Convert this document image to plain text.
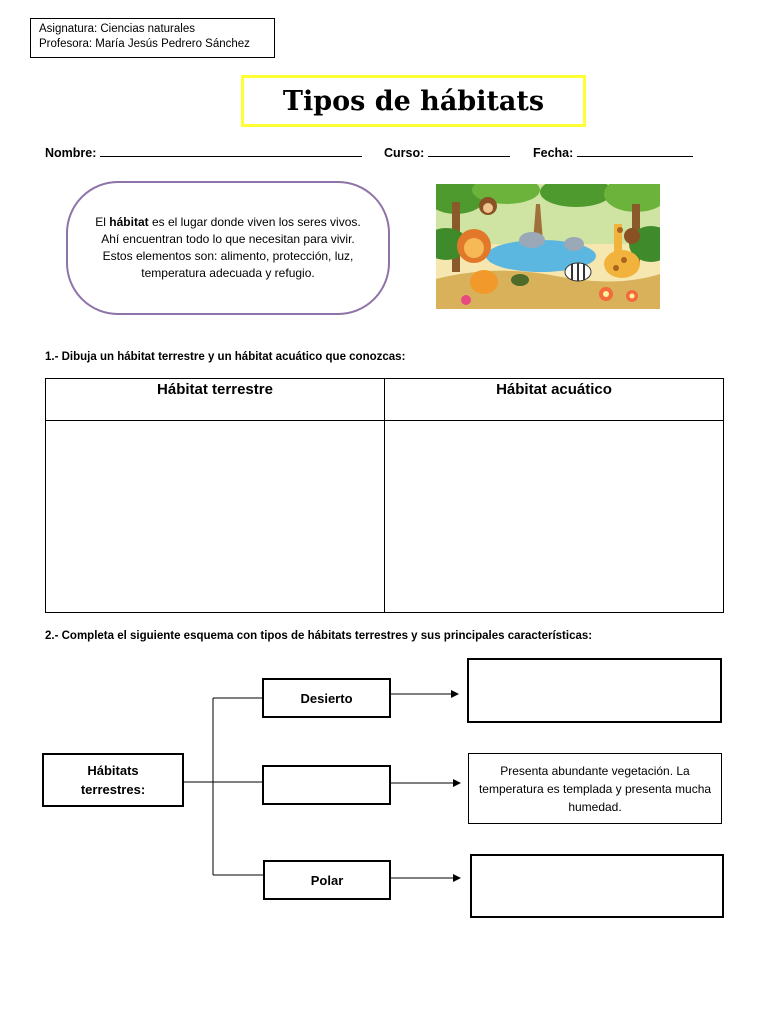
Asignatura: Ciencias naturales
Profesora: María Jesús Pedrero Sánchez
Tipos de hábitats
Nombre:	Curso:	Fecha:
El hábitat es el lugar donde viven los seres vivos. Ahí encuentran todo lo que necesitan para vivir. Estos elementos son: alimento, protección, luz, temperatura adecuada y refugio.
1.- Dibuja un hábitat terrestre y un hábitat acuático que conozcas:
Hábitat terrestre	Hábitat acuático

2.- Completa el siguiente esquema con tipos de hábitats terrestres y sus principales características:
Hábitats
terrestres:
Desierto
Polar
Presenta abundante vegetación. La temperatura es templada y presenta mucha humedad.
